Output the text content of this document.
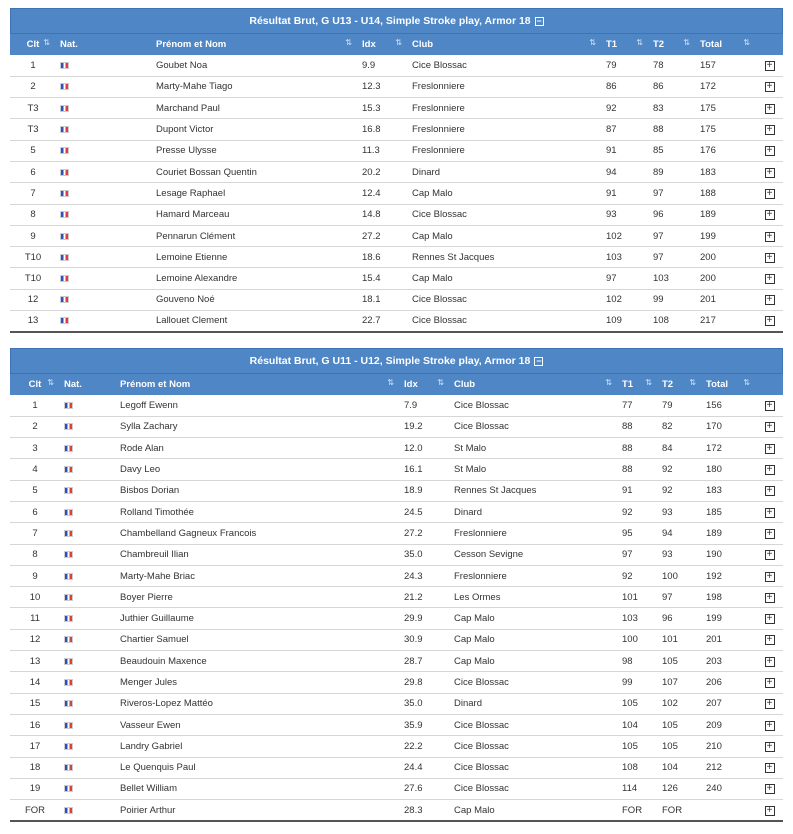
Résultat Brut, G U13 - U14, Simple Stroke play, Armor 18 −
Clt ⇅	Nat.	Prénom et Nom ⇅	Idx ⇅	Club ⇅	T1 ⇅	T2 ⇅	Total ⇅	

1		Goubet Noa	9.9	Cice Blossac	79	78	157	+
2		Marty-Mahe Tiago	12.3	Freslonniere	86	86	172	+
T3		Marchand Paul	15.3	Freslonniere	92	83	175	+
T3		Dupont Victor	16.8	Freslonniere	87	88	175	+
5		Presse Ulysse	11.3	Freslonniere	91	85	176	+
6		Couriet Bossan Quentin	20.2	Dinard	94	89	183	+
7		Lesage Raphael	12.4	Cap Malo	91	97	188	+
8		Hamard Marceau	14.8	Cice Blossac	93	96	189	+
9		Pennarun Clément	27.2	Cap Malo	102	97	199	+
T10		Lemoine Etienne	18.6	Rennes St Jacques	103	97	200	+
T10		Lemoine Alexandre	15.4	Cap Malo	97	103	200	+
12		Gouveno Noé	18.1	Cice Blossac	102	99	201	+
13		Lallouet Clement	22.7	Cice Blossac	109	108	217	+
Résultat Brut, G U11 - U12, Simple Stroke play, Armor 18 −
Clt ⇅	Nat.	Prénom et Nom ⇅	Idx ⇅	Club ⇅	T1 ⇅	T2 ⇅	Total ⇅	

1		Legoff Ewenn	7.9	Cice Blossac	77	79	156	+
2		Sylla Zachary	19.2	Cice Blossac	88	82	170	+
3		Rode Alan	12.0	St Malo	88	84	172	+
4		Davy Leo	16.1	St Malo	88	92	180	+
5		Bisbos Dorian	18.9	Rennes St Jacques	91	92	183	+
6		Rolland Timothée	24.5	Dinard	92	93	185	+
7		Chambelland Gagneux Francois	27.2	Freslonniere	95	94	189	+
8		Chambreuil Ilian	35.0	Cesson Sevigne	97	93	190	+
9		Marty-Mahe Briac	24.3	Freslonniere	92	100	192	+
10		Boyer Pierre	21.2	Les Ormes	101	97	198	+
11		Juthier Guillaume	29.9	Cap Malo	103	96	199	+
12		Chartier Samuel	30.9	Cap Malo	100	101	201	+
13		Beaudouin Maxence	28.7	Cap Malo	98	105	203	+
14		Menger Jules	29.8	Cice Blossac	99	107	206	+
15		Riveros-Lopez Mattéo	35.0	Dinard	105	102	207	+
16		Vasseur Ewen	35.9	Cice Blossac	104	105	209	+
17		Landry Gabriel	22.2	Cice Blossac	105	105	210	+
18		Le Quenquis Paul	24.4	Cice Blossac	108	104	212	+
19		Bellet William	27.6	Cice Blossac	114	126	240	+
FOR		Poirier Arthur	28.3	Cap Malo	FOR	FOR		+
